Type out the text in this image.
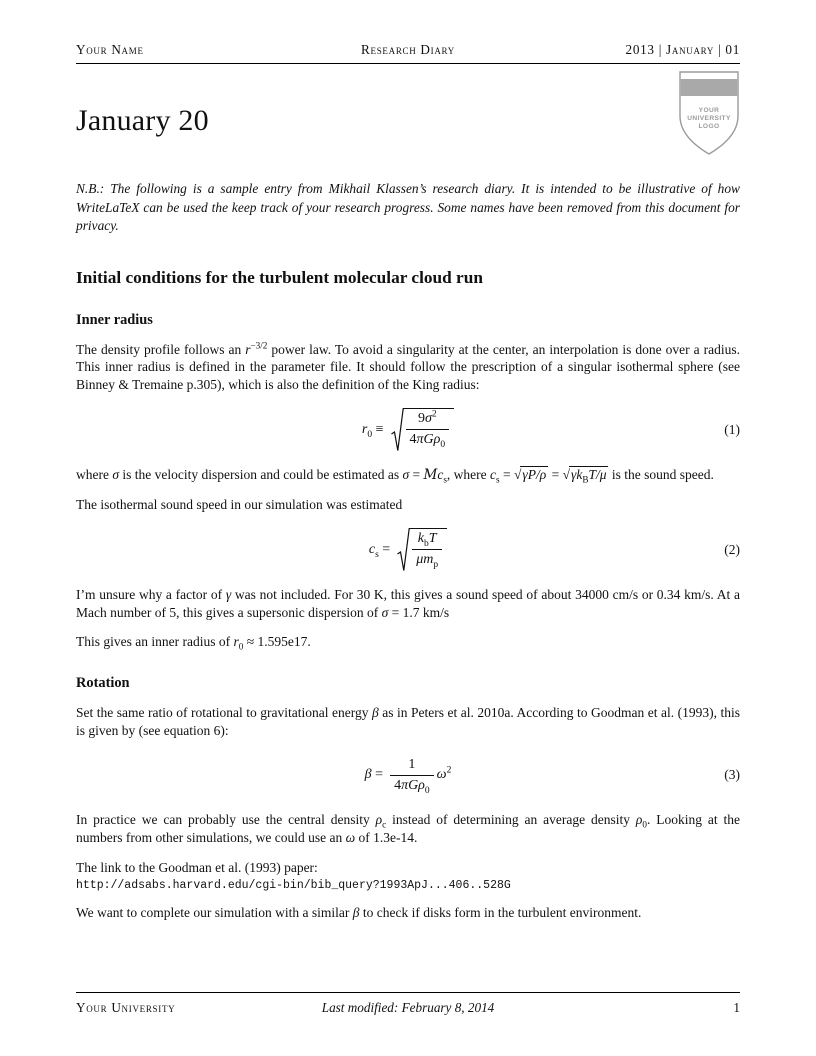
Your Name	Research Diary	2013 | January | 01
YOUR
UNIVERSITY
LOGO
January 20

N.B.: The following is a sample entry from Mikhail Klassen’s research diary. It is intended to be illustrative of how WriteLaTeX can be used the keep track of your research progress. Some names have been removed from this document for privacy.

Initial conditions for the turbulent molecular cloud run
Inner radius

The density profile follows an $r^{-3/2}$ power law. To avoid a singularity at the center, an interpolation is done over a radius. This inner radius is defined in the parameter file. It should follow the prescription of a singular isothermal sphere (see Binney & Tremaine p.305), which is also the definition of the King radius:

$r_0 \equiv \frac{9\sigma^2}{4\pi G\rho_0}$	(1)

where σ is the velocity dispersion and could be estimated as $\sigma = Mc_s$, where $c_s = √\gamma P/\rho = √\gamma k_BT/\mu$ is the sound speed.

The isothermal sound speed in our simulation was estimated

$c_s = \frac{k_bT}{\mu m_p}$	(2)

I’m unsure why a factor of γ was not included. For 30 K, this gives a sound speed of about 34000 cm/s or 0.34 km/s. At a Mach number of 5, this gives a supersonic dispersion of σ = 1.7 km/s

This gives an inner radius of $r_0 \approx 1.595e17$.

Rotation

Set the same ratio of rotational to gravitational energy β as in Peters et al. 2010a. According to Goodman et al. (1993), this is given by (see equation 6):

$\beta = \frac{1}{4\pi G\rho_0} \omega^2$	(3)

In practice we can probably use the central density $\rho_c$ instead of determining an average density $\rho_0$. Looking at the numbers from other simulations, we could use an ω of 1.3e-14.

The link to the Goodman et al. (1993) paper:

http://adsabs.harvard.edu/cgi-bin/bib_query?1993ApJ...406..528G

We want to complete our simulation with a similar β to check if disks form in the turbulent environment.

Your University	Last modified: February 8, 2014	1
